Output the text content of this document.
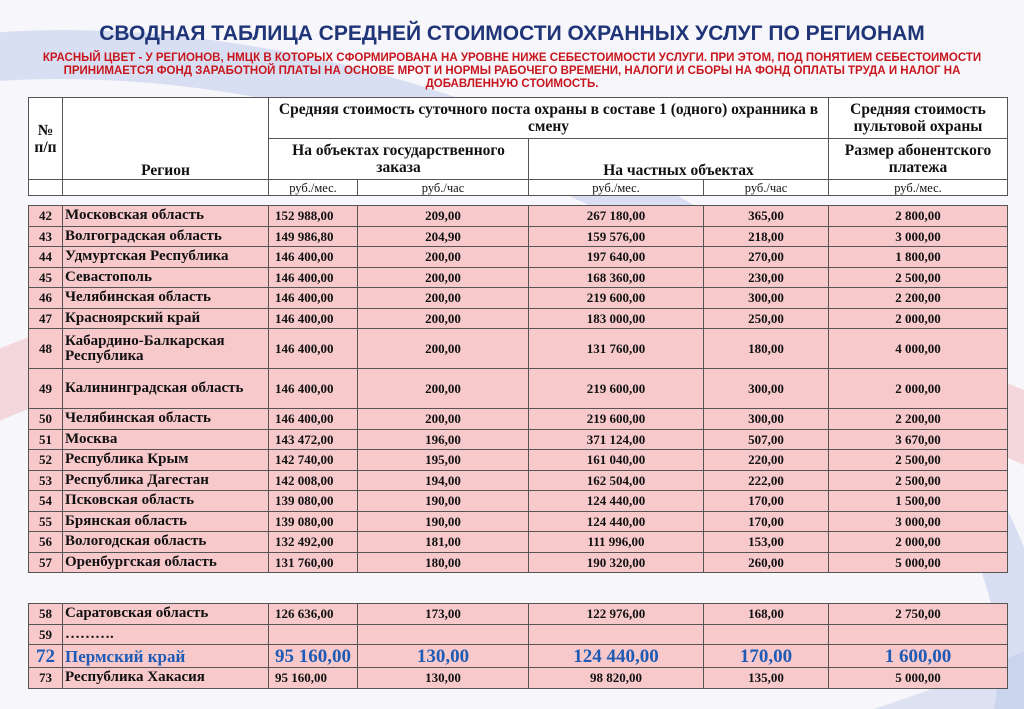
СВОДНАЯ ТАБЛИЦА СРЕДНЕЙ СТОИМОСТИ ОХРАННЫХ УСЛУГ ПО РЕГИОНАМ
КРАСНЫЙ ЦВЕТ - У РЕГИОНОВ, НМЦК В КОТОРЫХ СФОРМИРОВАНА НА УРОВНЕ НИЖЕ СЕБЕСТОИМОСТИ УСЛУГИ. ПРИ ЭТОМ, ПОД ПОНЯТИЕМ СЕБЕСТОИМОСТИ ПРИНИМАЕТСЯ ФОНД ЗАРАБОТНОЙ ПЛАТЫ НА ОСНОВЕ МРОТ И НОРМЫ РАБОЧЕГО ВРЕМЕНИ, НАЛОГИ И СБОРЫ НА ФОНД ОПЛАТЫ ТРУДА И НАЛОГ НА ДОБАВЛЕННУЮ СТОИМОСТЬ.
№ п/п	Регион	Средняя стоимость суточного поста охраны в составе 1 (одного) охранника в смену				Средняя стоимость пультовой охраны
		На объектах государственного заказа		На частных объектах		Размер абонентского платежа
		руб./мес.	руб./час	руб./мес.	руб./час	руб./мес.
42	Московская область	152 988,00	209,00	267 180,00	365,00	2 800,00
43	Волгоградская область	149 986,80	204,90	159 576,00	218,00	3 000,00
44	Удмуртская Республика	146 400,00	200,00	197 640,00	270,00	1 800,00
45	Севастополь	146 400,00	200,00	168 360,00	230,00	2 500,00
46	Челябинская область	146 400,00	200,00	219 600,00	300,00	2 200,00
47	Красноярский край	146 400,00	200,00	183 000,00	250,00	2 000,00
48	Кабардино-Балкарская Республика	146 400,00	200,00	131 760,00	180,00	4 000,00
49	Калининградская область	146 400,00	200,00	219 600,00	300,00	2 000,00
50	Челябинская область	146 400,00	200,00	219 600,00	300,00	2 200,00
51	Москва	143 472,00	196,00	371 124,00	507,00	3 670,00
52	Республика Крым	142 740,00	195,00	161 040,00	220,00	2 500,00
53	Республика Дагестан	142 008,00	194,00	162 504,00	222,00	2 500,00
54	Псковская область	139 080,00	190,00	124 440,00	170,00	1 500,00
55	Брянская область	139 080,00	190,00	124 440,00	170,00	3 000,00
56	Вологодская область	132 492,00	181,00	111 996,00	153,00	2 000,00
57	Оренбургская область	131 760,00	180,00	190 320,00	260,00	5 000,00
58	Саратовская область	126 636,00	173,00	122 976,00	168,00	2 750,00
59	……….					
72	Пермский край	95 160,00	130,00	124 440,00	170,00	1 600,00
73	Республика Хакасия	95 160,00	130,00	98 820,00	135,00	5 000,00
